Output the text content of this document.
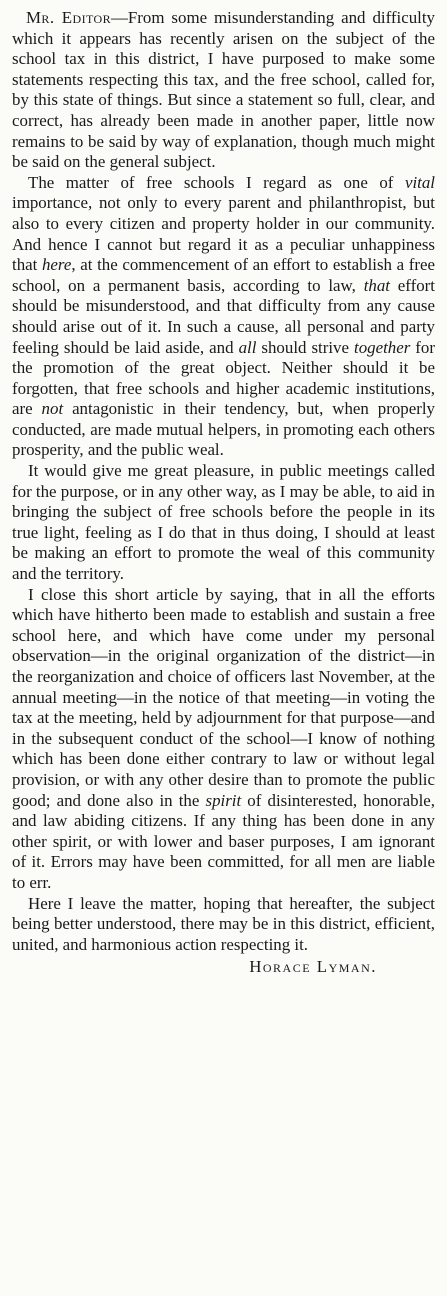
Mr. Editor—From some misunderstanding and difficulty which it appears has recently arisen on the subject of the school tax in this district, I have purposed to make some statements respecting this tax, and the free school, called for, by this state of things. But since a statement so full, clear, and correct, has already been made in another paper, little now remains to be said by way of explanation, though much might be said on the general subject.

The matter of free schools I regard as one of vital importance, not only to every parent and philanthropist, but also to every citizen and property holder in our community. And hence I cannot but regard it as a peculiar unhappiness that here, at the commencement of an effort to establish a free school, on a permanent basis, according to law, that effort should be misunderstood, and that difficulty from any cause should arise out of it. In such a cause, all personal and party feeling should be laid aside, and all should strive together for the promotion of the great object. Neither should it be forgotten, that free schools and higher academic institutions, are not antagonistic in their tendency, but, when properly conducted, are made mutual helpers, in promoting each others prosperity, and the public weal.

It would give me great pleasure, in public meetings called for the purpose, or in any other way, as I may be able, to aid in bringing the subject of free schools before the people in its true light, feeling as I do that in thus doing, I should at least be making an effort to promote the weal of this community and the territory.

I close this short article by saying, that in all the efforts which have hitherto been made to establish and sustain a free school here, and which have come under my personal observation—in the original organization of the district—in the reorganization and choice of officers last November, at the annual meeting—in the notice of that meeting—in voting the tax at the meeting, held by adjournment for that purpose—and in the subsequent conduct of the school—I know of nothing which has been done either contrary to law or without legal provision, or with any other desire than to promote the public good; and done also in the spirit of disinterested, honorable, and law abiding citizens. If any thing has been done in any other spirit, or with lower and baser purposes, I am ignorant of it. Errors may have been committed, for all men are liable to err.

Here I leave the matter, hoping that hereafter, the subject being better understood, there may be in this district, efficient, united, and harmonious action respecting it.

Horace Lyman.
